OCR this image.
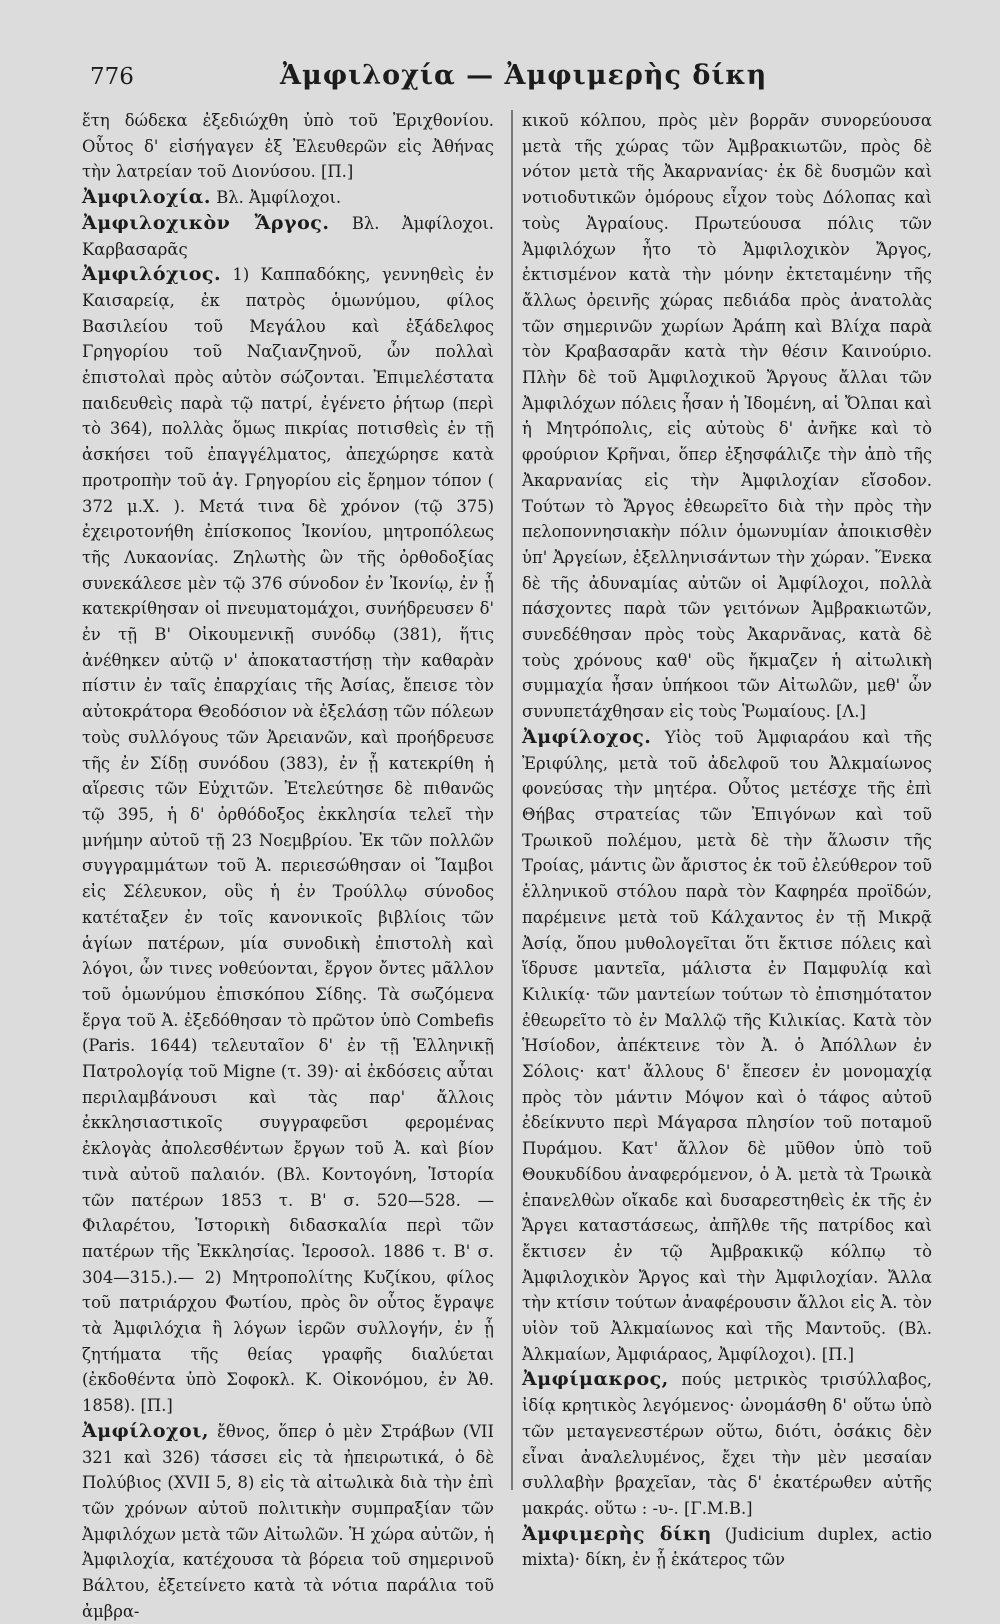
776	Ἀμφιλοχία — Ἀμφιμερὴς δίκη

ἔτη δώδεκα ἐξεδιώχθη ὑπὸ τοῦ Ἐριχθονίου. Οὗτος δ' εἰσήγαγεν ἐξ Ἐλευθερῶν εἰς Ἀθήνας τὴν λατρείαν τοῦ Διονύσου. [Π.]

Ἀμφιλοχία. Βλ. Ἀμφίλοχοι.

Ἀμφιλοχικὸν Ἄργος. Βλ. Ἀμφίλοχοι. Καρβασαρᾶς

Ἀμφιλόχιος. 1) Καππαδόκης, γεννηθεὶς ἐν Καισαρείᾳ, ἐκ πατρὸς ὁμωνύμου, φίλος Βασιλείου τοῦ Μεγάλου καὶ ἐξάδελφος Γρηγορίου τοῦ Ναζιανζηνοῦ, ὧν πολλαὶ ἐπιστολαὶ πρὸς αὐτὸν σώζονται. Ἐπιμελέστατα παιδευθεὶς παρὰ τῷ πατρί, ἐγένετο ῥήτωρ (περὶ τὸ 364), πολλὰς ὅμως πικρίας ποτισθεὶς ἐν τῇ ἀσκήσει τοῦ ἐπαγγέλματος, ἀπεχώρησε κατὰ προτροπὴν τοῦ ἁγ. Γρηγορίου εἰς ἔρημον τόπον ( 372 μ.Χ. ). Μετά τινα δὲ χρόνον (τῷ 375) ἐχειροτονήθη ἐπίσκοπος Ἰκονίου, μητροπόλεως τῆς Λυκαονίας. Ζηλωτὴς ὢν τῆς ὀρθοδοξίας συνεκάλεσε μὲν τῷ 376 σύνοδον ἐν Ἰκονίῳ, ἐν ᾗ κατεκρίθησαν οἱ πνευματομάχοι, συνήδρευσεν δ' ἐν τῇ Β' Οἰκουμενικῇ συνόδῳ (381), ἥτις ἀνέθηκεν αὐτῷ ν' ἀποκαταστήσῃ τὴν καθαρὰν πίστιν ἐν ταῖς ἐπαρχίαις τῆς Ἀσίας, ἔπεισε τὸν αὐτοκράτορα Θεοδόσιον νὰ ἐξελάσῃ τῶν πόλεων τοὺς συλλόγους τῶν Ἀρειανῶν, καὶ προήδρευσε τῆς ἐν Σίδῃ συνόδου (383), ἐν ᾗ κατεκρίθη ἡ αἵρεσις τῶν Εὐχιτῶν. Ἐτελεύτησε δὲ πιθανῶς τῷ 395, ἡ δ' ὀρθόδοξος ἐκκλησία τελεῖ τὴν μνήμην αὐτοῦ τῇ 23 Νοεμβρίου. Ἐκ τῶν πολλῶν συγγραμμάτων τοῦ Ἀ. περιεσώθησαν οἱ Ἴαμβοι εἰς Σέλευκον, οὓς ἡ ἐν Τρούλλῳ σύνοδος κατέταξεν ἐν τοῖς κανονικοῖς βιβλίοις τῶν ἁγίων πατέρων, μία συνοδικὴ ἐπιστολὴ καὶ λόγοι, ὧν τινες νοθεύονται, ἔργον ὄντες μᾶλλον τοῦ ὁμωνύμου ἐπισκόπου Σίδης. Τὰ σωζόμενα ἔργα τοῦ Ἀ. ἐξεδόθησαν τὸ πρῶτον ὑπὸ Combefis (Paris. 1644) τελευταῖον δ' ἐν τῇ Ἑλληνικῇ Πατρολογίᾳ τοῦ Migne (τ. 39)· αἱ ἐκδόσεις αὗται περιλαμβάνουσι καὶ τὰς παρ' ἄλλοις ἐκκλησιαστικοῖς συγγραφεῦσι φερομένας ἐκλογὰς ἀπολεσθέντων ἔργων τοῦ Ἀ. καὶ βίον τινὰ αὐτοῦ παλαιόν. (Βλ. Κοντογόνη, Ἱστορία τῶν πατέρων 1853 τ. Β' σ. 520—528. — Φιλαρέτου, Ἱστορικὴ διδασκαλία περὶ τῶν πατέρων τῆς Ἐκκλησίας. Ἱεροσολ. 1886 τ. Β' σ. 304—315.).— 2) Μητροπολίτης Κυζίκου, φίλος τοῦ πατριάρχου Φωτίου, πρὸς ὃν οὗτος ἔγραψε τὰ Ἀμφιλόχια ἢ λόγων ἱερῶν συλλογήν, ἐν ᾗ ζητήματα τῆς θείας γραφῆς διαλύεται (ἐκδοθέντα ὑπὸ Σοφοκλ. Κ. Οἰκονόμου, ἐν Ἀθ. 1858). [Π.]

Ἀμφίλοχοι, ἔθνος, ὅπερ ὁ μὲν Στράβων (VII 321 καὶ 326) τάσσει εἰς τὰ ἠπειρωτικά, ὁ δὲ Πολύβιος (XVII 5, 8) εἰς τὰ αἰτωλικὰ διὰ τὴν ἐπὶ τῶν χρόνων αὐτοῦ πολιτικὴν συμπραξίαν τῶν Ἀμφιλόχων μετὰ τῶν Αἰτωλῶν. Ἡ χώρα αὐτῶν, ἡ Ἀμφιλοχία, κατέχουσα τὰ βόρεια τοῦ σημερινοῦ Βάλτου, ἐξετείνετο κατὰ τὰ νότια παράλια τοῦ ἀμβρα-

κικοῦ κόλπου, πρὸς μὲν βορρᾶν συνορεύουσα μετὰ τῆς χώρας τῶν Ἀμβρακιωτῶν, πρὸς δὲ νότον μετὰ τῆς Ἀκαρνανίας· ἐκ δὲ δυσμῶν καὶ νοτιοδυτικῶν ὁμόρους εἶχον τοὺς Δόλοπας καὶ τοὺς Ἀγραίους. Πρωτεύουσα πόλις τῶν Ἀμφιλόχων ἦτο τὸ Ἀμφιλοχικὸν Ἄργος, ἐκτισμένον κατὰ τὴν μόνην ἐκτεταμένην τῆς ἄλλως ὀρεινῆς χώρας πεδιάδα πρὸς ἀνατολὰς τῶν σημερινῶν χωρίων Ἀράπη καὶ Βλίχα παρὰ τὸν Κραβασαρᾶν κατὰ τὴν θέσιν Καινούριο. Πλὴν δὲ τοῦ Ἀμφιλοχικοῦ Ἄργους ἄλλαι τῶν Ἀμφιλόχων πόλεις ἦσαν ἡ Ἰδομένη, αἱ Ὄλπαι καὶ ἡ Μητρόπολις, εἰς αὐτοὺς δ' ἀνῆκε καὶ τὸ φρούριον Κρῆναι, ὅπερ ἐξησφάλιζε τὴν ἀπὸ τῆς Ἀκαρνανίας εἰς τὴν Ἀμφιλοχίαν εἴσοδον. Τούτων τὸ Ἄργος ἐθεωρεῖτο διὰ τὴν πρὸς τὴν πελοποννησιακὴν πόλιν ὁμωνυμίαν ἀποικισθὲν ὑπ' Ἀργείων, ἐξελληνισάντων τὴν χώραν. Ἕνεκα δὲ τῆς ἀδυναμίας αὐτῶν οἱ Ἀμφίλοχοι, πολλὰ πάσχοντες παρὰ τῶν γειτόνων Ἀμβρακιωτῶν, συνεδέθησαν πρὸς τοὺς Ἀκαρνᾶνας, κατὰ δὲ τοὺς χρόνους καθ' οὓς ἤκμαζεν ἡ αἰτωλικὴ συμμαχία ἦσαν ὑπήκοοι τῶν Αἰτωλῶν, μεθ' ὧν συνυπετάχθησαν εἰς τοὺς Ῥωμαίους. [Λ.]

Ἀμφίλοχος. Υἱὸς τοῦ Ἀμφιαράου καὶ τῆς Ἐριφύλης, μετὰ τοῦ ἀδελφοῦ του Ἀλκμαίωνος φονεύσας τὴν μητέρα. Οὗτος μετέσχε τῆς ἐπὶ Θήβας στρατείας τῶν Ἐπιγόνων καὶ τοῦ Τρωικοῦ πολέμου, μετὰ δὲ τὴν ἅλωσιν τῆς Τροίας, μάντις ὢν ἄριστος ἐκ τοῦ ἐλεύθερον τοῦ ἑλληνικοῦ στόλου παρὰ τὸν Καφηρέα προϊδών, παρέμεινε μετὰ τοῦ Κάλχαντος ἐν τῇ Μικρᾷ Ἀσίᾳ, ὅπου μυθολογεῖται ὅτι ἔκτισε πόλεις καὶ ἵδρυσε μαντεῖα, μάλιστα ἐν Παμφυλίᾳ καὶ Κιλικίᾳ· τῶν μαντείων τούτων τὸ ἐπισημότατον ἐθεωρεῖτο τὸ ἐν Μαλλῷ τῆς Κιλικίας. Κατὰ τὸν Ἡσίοδον, ἀπέκτεινε τὸν Ἀ. ὁ Ἀπόλλων ἐν Σόλοις· κατ' ἄλλους δ' ἔπεσεν ἐν μονομαχίᾳ πρὸς τὸν μάντιν Μόψον καὶ ὁ τάφος αὐτοῦ ἐδείκνυτο περὶ Μάγαρσα πλησίον τοῦ ποταμοῦ Πυράμου. Κατ' ἄλλον δὲ μῦθον ὑπὸ τοῦ Θουκυδίδου ἀναφερόμενον, ὁ Ἀ. μετὰ τὰ Τρωικὰ ἐπανελθὼν οἴκαδε καὶ δυσαρεστηθεὶς ἐκ τῆς ἐν Ἄργει καταστάσεως, ἀπῆλθε τῆς πατρίδος καὶ ἔκτισεν ἐν τῷ Ἀμβρακικῷ κόλπῳ τὸ Ἀμφιλοχικὸν Ἄργος καὶ τὴν Ἀμφιλοχίαν. Ἄλλα τὴν κτίσιν τούτων ἀναφέρουσιν ἄλλοι εἰς Ἀ. τὸν υἱὸν τοῦ Ἀλκμαίωνος καὶ τῆς Μαντοῦς. (Βλ. Ἀλκμαίων, Ἀμφιάραος, Ἀμφίλοχοι). [Π.]

Ἀμφίμακρος, πούς μετρικὸς τρισύλλαβος, ἰδίᾳ κρητικὸς λεγόμενος· ὠνομάσθη δ' οὕτω ὑπὸ τῶν μεταγενεστέρων οὕτω, διότι, ὁσάκις δὲν εἶναι ἀναλελυμένος, ἔχει τὴν μὲν μεσαίαν συλλαβὴν βραχεῖαν, τὰς δ' ἑκατέρωθεν αὐτῆς μακράς. οὕτω : -υ-. [Γ.Μ.Β.]

Ἀμφιμερὴς δίκη (Judicium duplex, actio mixta)· δίκη, ἐν ᾗ ἑκάτερος τῶν
